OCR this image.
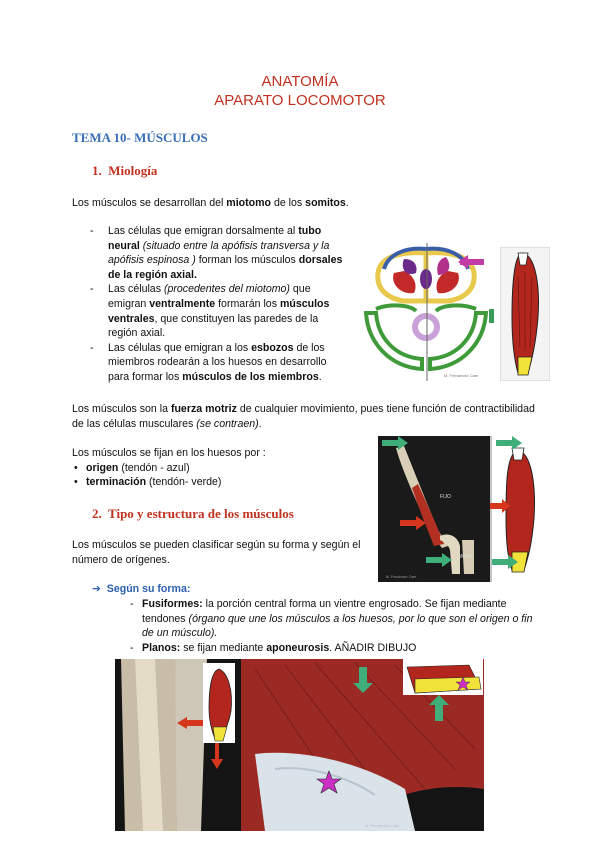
ANATOMÍA
APARATO LOCOMOTOR
TEMA 10- MÚSCULOS
1. Miología
Los músculos se desarrollan del miotomo de los somitos.
- Las células que emigran dorsalmente al tubo neural (situado entre la apófisis transversa y la apófisis espinosa ) forman los músculos dorsales de la región axial.
- Las células (procedentes del miotomo) que emigran ventralmente formarán los músculos ventrales, que constituyen las paredes de la región axial.
- Las células que emigran a los esbozos de los miembros rodearán a los huesos en desarrollo para formar los músculos de los miembros.	M. Fernández Caer
Los músculos son la fuerza motriz de cualquier movimiento, pues tiene función de contractibilidad de las células musculares (se contraen).
Los músculos se fijan en los huesos por :
• origen (tendón - azul)
• terminación (tendón- verde)
2. Tipo y estructura de los músculos
Los músculos se pueden clasificar según su forma y según el número de orígenes.
FIJO
MÓVIL
M. Fernández Caer
➔ Según su forma:
- Fusiformes: la porción central forma un vientre engrosado. Se fijan mediante tendones (órgano que une los músculos a los huesos, por lo que son el origen o fin de un músculo).
- Planos: se fijan mediante aponeurosis. AÑADIR DIBUJO
M. Fernández Caer
